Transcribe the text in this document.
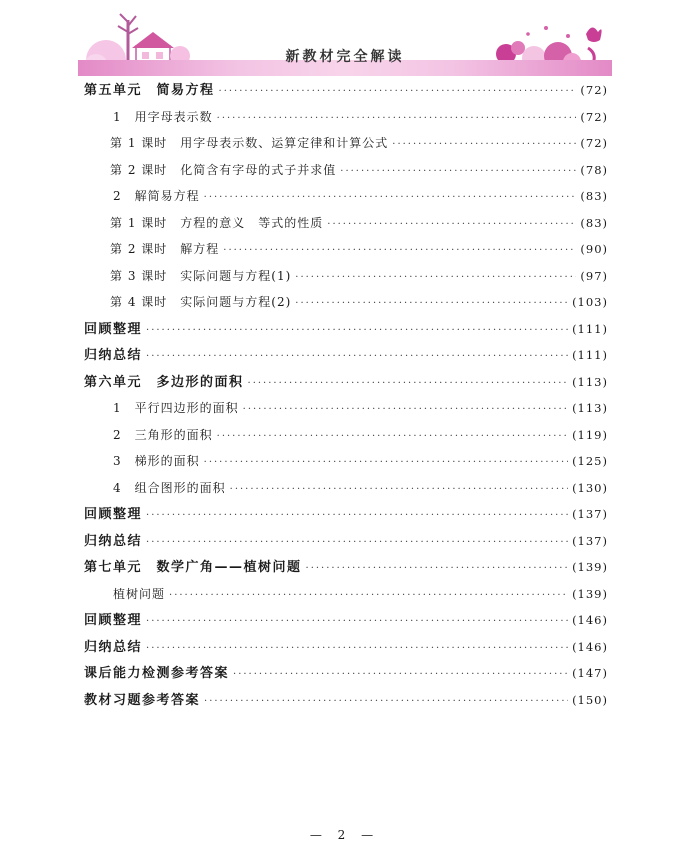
新教材完全解读
第五单元　简易方程 ·····	(72)
1　用字母表示数 ·····	(72)
第 1 课时　用字母表示数、运算定律和计算公式 ·····	(72)
第 2 课时　化简含有字母的式子并求值 ·····	(78)
2　解简易方程 ·····	(83)
第 1 课时　方程的意义　等式的性质 ·····	(83)
第 2 课时　解方程 ·····	(90)
第 3 课时　实际问题与方程(1) ·····	(97)
第 4 课时　实际问题与方程(2) ·····	(103)
回顾整理 ·····	(111)
归纳总结 ·····	(111)
第六单元　多边形的面积 ·····	(113)
1　平行四边形的面积 ·····	(113)
2　三角形的面积 ·····	(119)
3　梯形的面积 ·····	(125)
4　组合图形的面积 ·····	(130)
回顾整理 ·····	(137)
归纳总结 ·····	(137)
第七单元　数学广角——植树问题 ·····	(139)
植树问题 ·····	(139)
回顾整理 ·····	(146)
归纳总结 ·····	(146)
课后能力检测参考答案 ·····	(147)
教材习题参考答案 ·····	(150)
— 2 —
